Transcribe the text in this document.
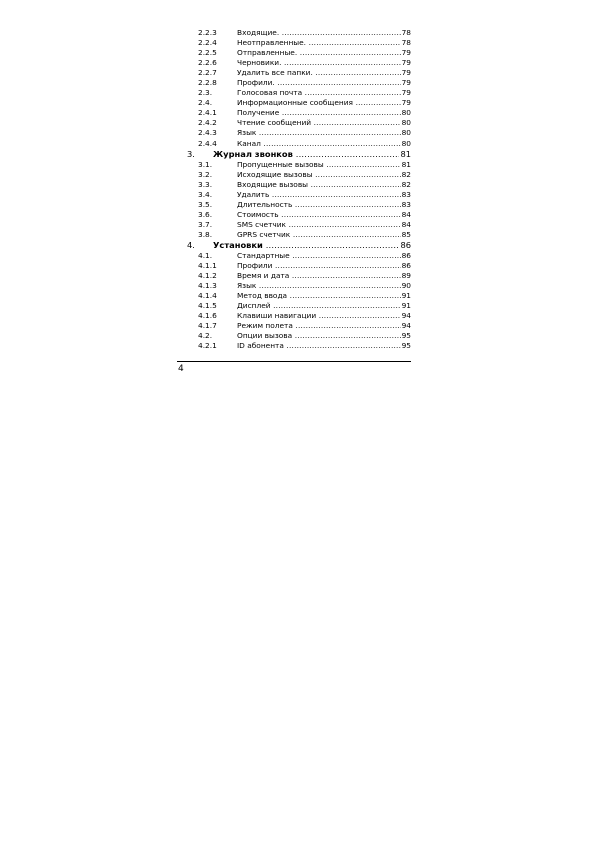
2.2.3	Входящие. .....	78
2.2.4	Неотправленные. .....	78
2.2.5	Отправленные. .....	79
2.2.6	Черновики. .....	79
2.2.7	Удалить все папки. .....	79
2.2.8	Профили. .....	79
2.3.	Голосовая почта .....	79
2.4.	Информационные сообщения .....	79
2.4.1	Получение .....	80
2.4.2	Чтение сообщений .....	80
2.4.3	Язык .....	80
2.4.4	Канал .....	80
3. Журнал звонков .....	81
3.1.	Пропущенные вызовы .....	81
3.2.	Исходящие вызовы .....	82
3.3.	Входящие вызовы .....	82
3.4.	Удалить .....	83
3.5.	Длительность .....	83
3.6.	Стоимость .....	84
3.7.	SMS счетчик .....	84
3.8.	GPRS счетчик .....	85
4. Установки .....	86
4.1.	Стандартные .....	86
4.1.1	Профили .....	86
4.1.2	Время и дата .....	89
4.1.3	Язык .....	90
4.1.4	Метод ввода .....	91
4.1.5	Дисплей .....	91
4.1.6	Клавиши навигации .....	94
4.1.7	Режим полета .....	94
4.2.	Опции вызова .....	95
4.2.1	ID абонента .....	95
4
